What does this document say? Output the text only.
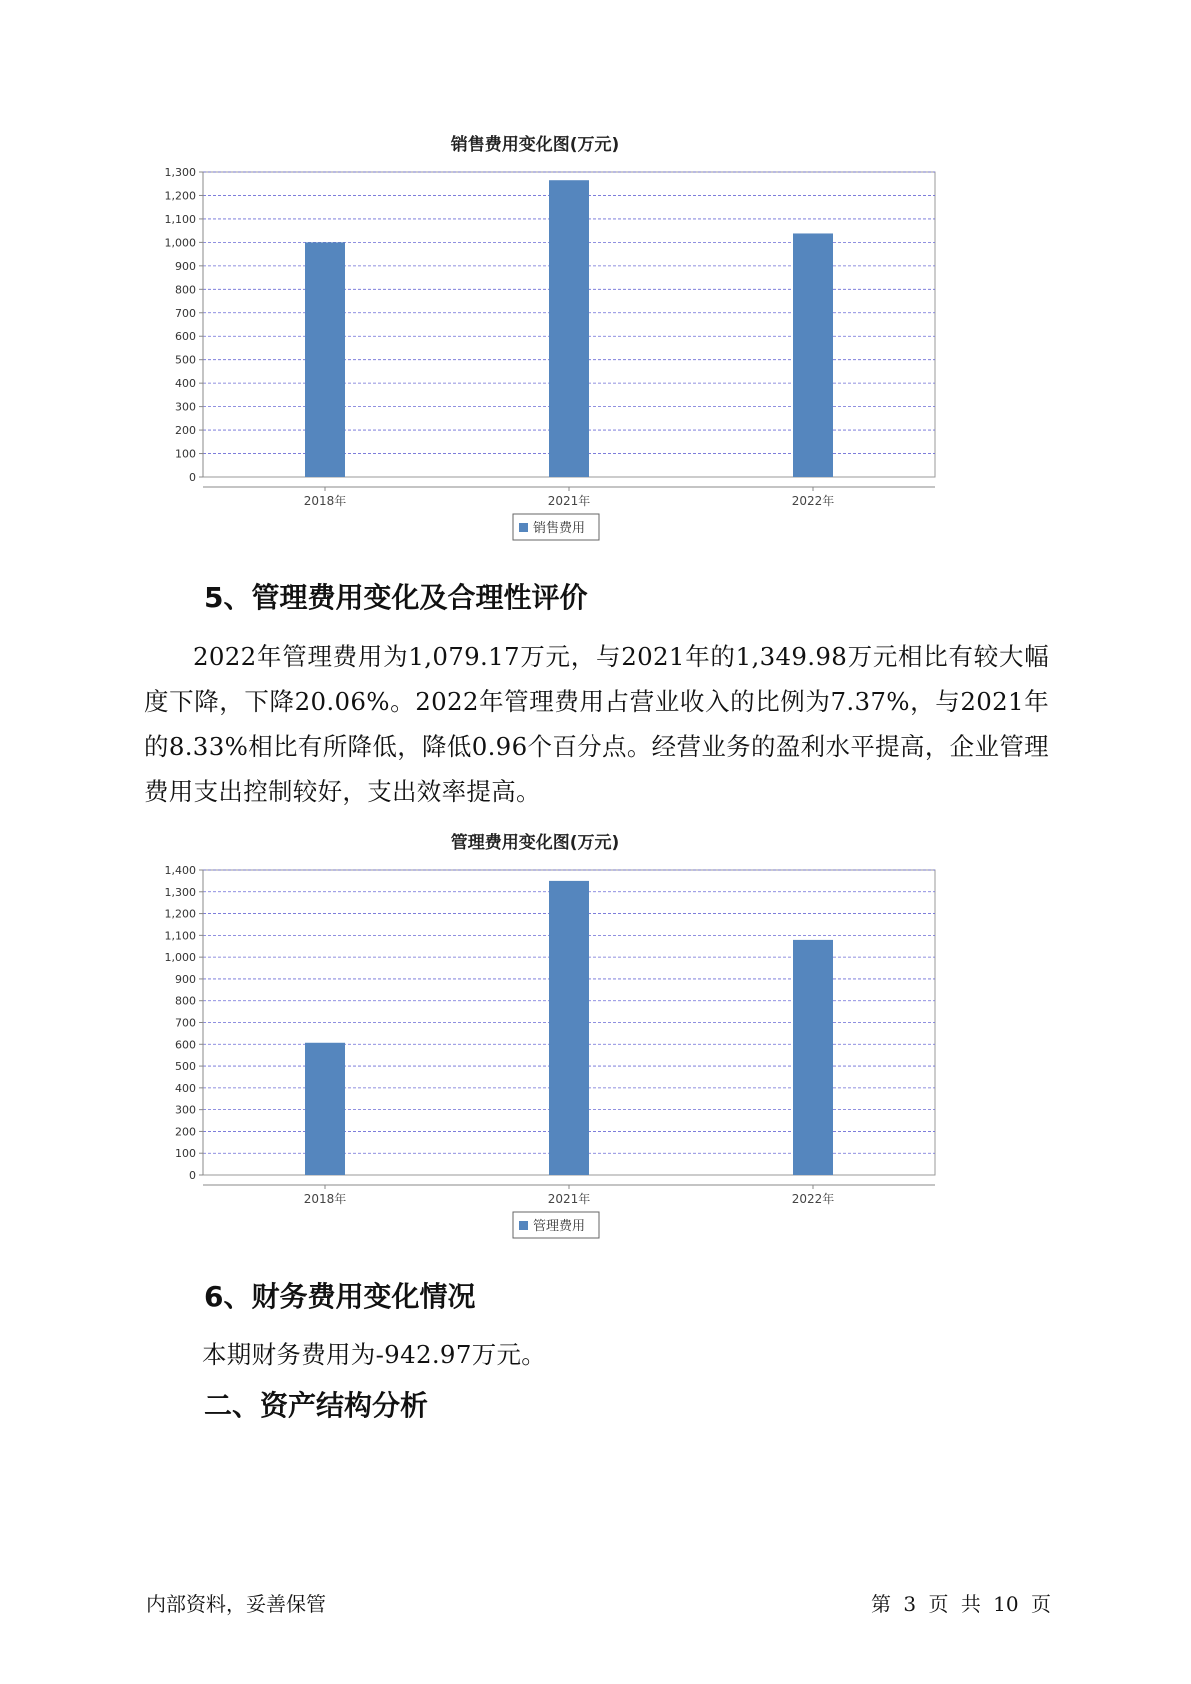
销售费用变化图(万元)
0
100
200
300
400
500
600
700
800
900
1,000
1,100
1,200
1,300
2018年	2021年	2022年
销售费用
5、管理费用变化及合理性评价

2022年管理费用为1,079.17万元，与2021年的1,349.98万元相比有较大幅度下降，下降20.06%。2022年管理费用占营业收入的比例为7.37%，与2021年的8.33%相比有所降低，降低0.96个百分点。经营业务的盈利水平提高，企业管理费用支出控制较好，支出效率提高。

管理费用变化图(万元)
0
100
200
300
400
500
600
700
800
900
1,000
1,100
1,200
1,300
1,400
2018年	2021年	2022年
管理费用
6、财务费用变化情况

本期财务费用为-942.97万元。

二、资产结构分析
内部资料，妥善保管	第 3 页 共 10 页
